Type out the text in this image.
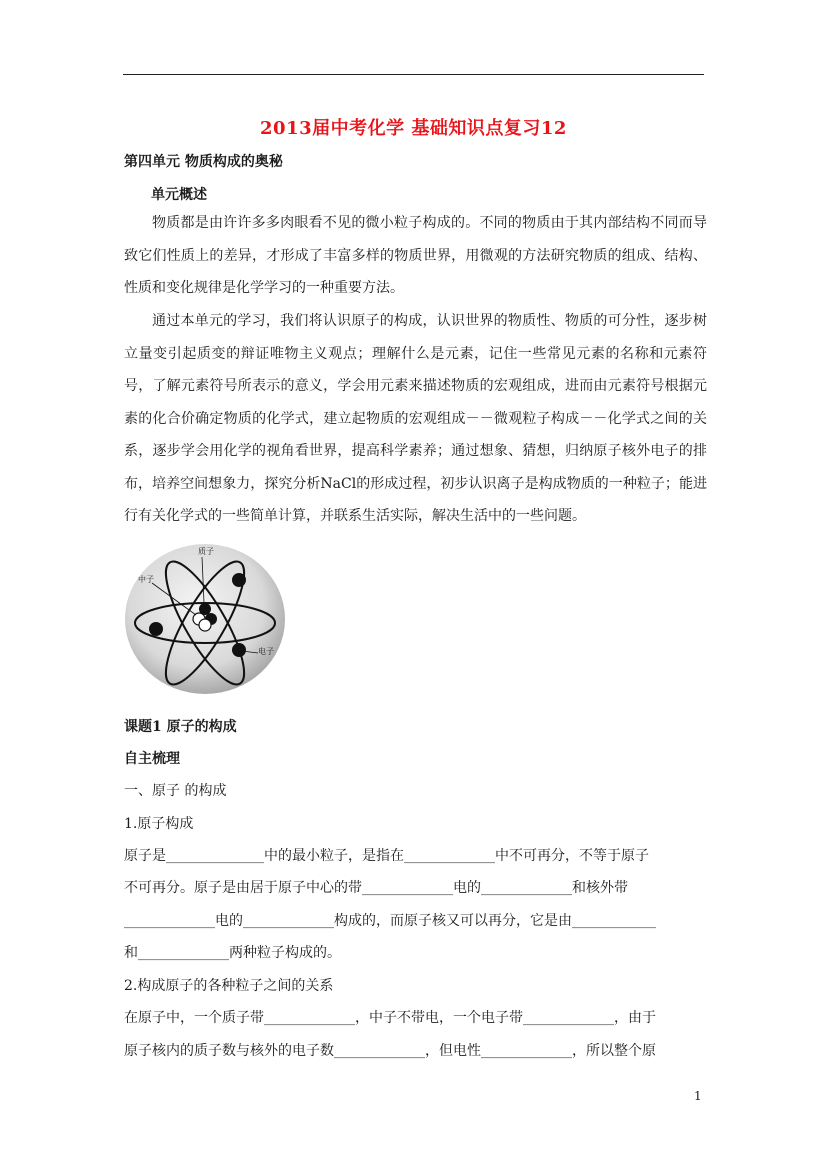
2013届中考化学 基础知识点复习12
第四单元 物质构成的奥秘
单元概述

物质都是由许许多多肉眼看不见的微小粒子构成的。不同的物质由于其内部结构不同而导致它们性质上的差异，才形成了丰富多样的物质世界，用微观的方法研究物质的组成、结构、性质和变化规律是化学学习的一种重要方法。

通过本单元的学习，我们将认识原子的构成，认识世界的物质性、物质的可分性，逐步树立量变引起质变的辩证唯物主义观点；理解什么是元素，记住一些常见元素的名称和元素符号，了解元素符号所表示的意义，学会用元素来描述物质的宏观组成，进而由元素符号根据元素的化合价确定物质的化学式，建立起物质的宏观组成－－微观粒子构成－－化学式之间的关系，逐步学会用化学的视角看世界，提高科学素养；通过想象、猜想，归纳原子核外电子的排布，培养空间想象力，探究分析NaCl的形成过程，初步认识离子是构成物质的一种粒子；能进行有关化学式的一些简单计算，并联系生活实际，解决生活中的一些问题。

质子
中子
电子
课题1 原子的构成
自主梳理
一、原子 的构成
1.原子构成
原子是______________中的最小粒子，是指在_____________中不可再分，不等于原子
不可再分。原子是由居于原子中心的带_____________电的_____________和核外带
_____________电的_____________构成的，而原子核又可以再分，它是由____________
和_____________两种粒子构成的。
2.构成原子的各种粒子之间的关系
在原子中，一个质子带_____________，中子不带电，一个电子带_____________，由于
原子核内的质子数与核外的电子数_____________，但电性_____________，所以整个原
1
